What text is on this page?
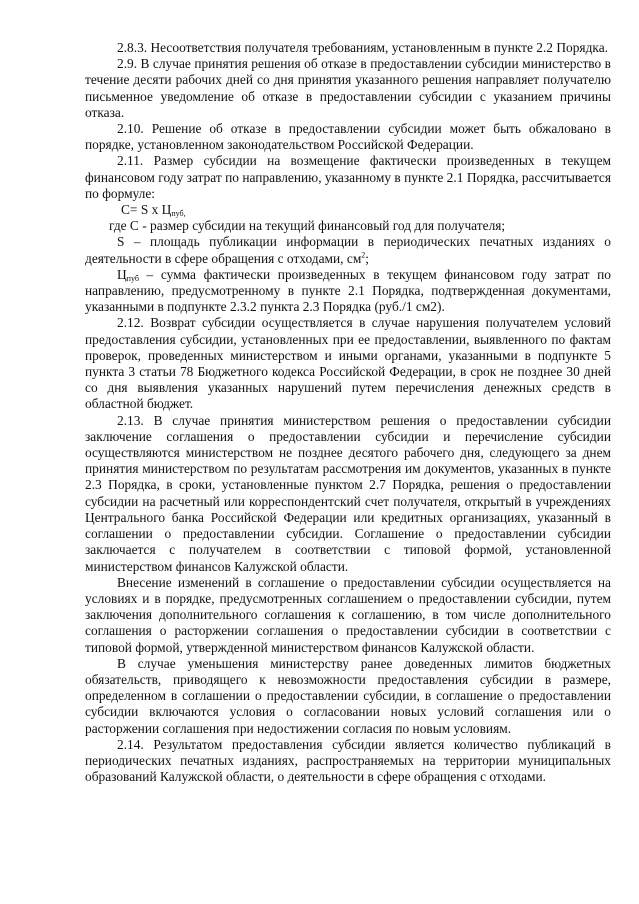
2.8.3. Несоответствия получателя требованиям, установленным в пункте 2.2 Порядка.

2.9. В случае принятия решения об отказе в предоставлении субсидии министерство в течение десяти рабочих дней со дня принятия указанного решения направляет получателю письменное уведомление об отказе в предоставлении субсидии с указанием причины отказа.

2.10. Решение об отказе в предоставлении субсидии может быть обжаловано в порядке, установленном законодательством Российской Федерации.

2.11. Размер субсидии на возмещение фактически произведенных в текущем финансовом году затрат по направлению, указанному в пункте 2.1 Порядка, рассчитывается по формуле:

С= S x $Ц_{пуб,}$

где С - размер субсидии на текущий финансовый год для получателя;

S – площадь публикации информации в периодических печатных изданиях о деятельности в сфере обращения с отходами, $см^2$;

$Ц_{пуб}$ – сумма фактически произведенных в текущем финансовом году затрат по направлению, предусмотренному в пункте 2.1 Порядка, подтвержденная документами, указанными в подпункте 2.3.2 пункта 2.3 Порядка (руб./1 см2).

2.12. Возврат субсидии осуществляется в случае нарушения получателем условий предоставления субсидии, установленных при ее предоставлении, выявленного по фактам проверок, проведенных министерством и иными органами, указанными в подпункте 5 пункта 3 статьи 78 Бюджетного кодекса Российской Федерации, в срок не позднее 30 дней со дня выявления указанных нарушений путем перечисления денежных средств в областной бюджет.

2.13. В случае принятия министерством решения о предоставлении субсидии заключение соглашения о предоставлении субсидии и перечисление субсидии осуществляются министерством не позднее десятого рабочего дня, следующего за днем принятия министерством по результатам рассмотрения им документов, указанных в пункте 2.3 Порядка, в сроки, установленные пунктом 2.7 Порядка, решения о предоставлении субсидии на расчетный или корреспондентский счет получателя, открытый в учреждениях Центрального банка Российской Федерации или кредитных организациях, указанный в соглашении о предоставлении субсидии. Соглашение о предоставлении субсидии заключается с получателем в соответствии с типовой формой, установленной министерством финансов Калужской области.

Внесение изменений в соглашение о предоставлении субсидии осуществляется на условиях и в порядке, предусмотренных соглашением о предоставлении субсидии, путем заключения дополнительного соглашения к соглашению, в том числе дополнительного соглашения о расторжении соглашения о предоставлении субсидии в соответствии с типовой формой, утвержденной министерством финансов Калужской области.

В случае уменьшения министерству ранее доведенных лимитов бюджетных обязательств, приводящего к невозможности предоставления субсидии в размере, определенном в соглашении о предоставлении субсидии, в соглашение о предоставлении субсидии включаются условия о согласовании новых условий соглашения или о расторжении соглашения при недостижении согласия по новым условиям.

2.14. Результатом предоставления субсидии является количество публикаций в периодических печатных изданиях, распространяемых на территории муниципальных образований Калужской области, о деятельности в сфере обращения с отходами.
